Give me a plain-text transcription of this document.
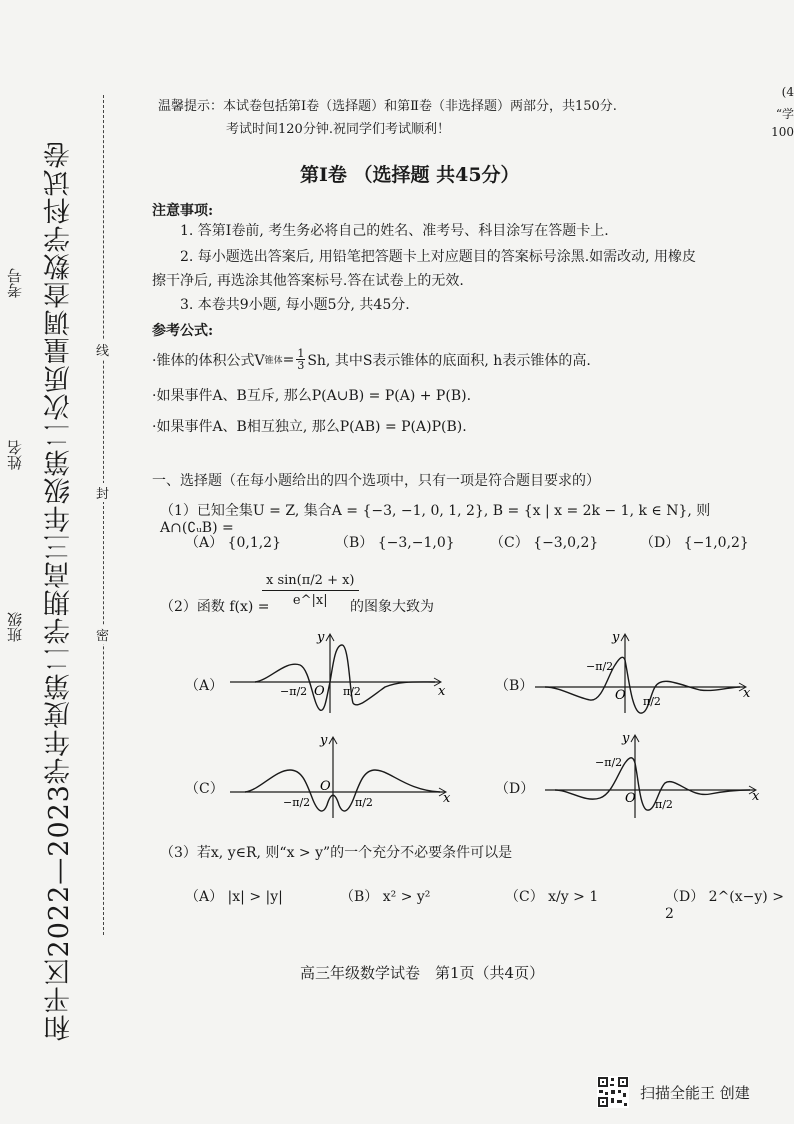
和平区2022—2023学年度第二学期高三年级第二次质量调查数学科试卷
考号
姓名
班级
线
封
密
(4
“学
100
温馨提示：本试卷包括第Ⅰ卷（选择题）和第Ⅱ卷（非选择题）两部分，共150分.
考试时间120分钟.祝同学们考试顺利！
第Ⅰ卷 （选择题 共45分）
注意事项:
1. 答第Ⅰ卷前, 考生务必将自己的姓名、准考号、科目涂写在答题卡上.
2. 每小题选出答案后, 用铅笔把答题卡上对应题目的答案标号涂黑.如需改动, 用橡皮
擦干净后, 再选涂其他答案标号.答在试卷上的无效.
3. 本卷共9小题, 每小题5分, 共45分.
参考公式:
·锥体的体积公式V 锥体 = $\frac{1}{3} Sh$, 其中S表示锥体的底面积, h表示锥体的高.
·如果事件A、B互斥, 那么P(A∪B) = P(A) + P(B).
·如果事件A、B相互独立, 那么P(AB) = P(A)P(B).
一、选择题（在每小题给出的四个选项中，只有一项是符合题目要求的）
（1）已知全集U = Z, 集合A = {−3, −1, 0, 1, 2}, B = {x | x = 2k − 1, k ∈ N}, 则A∩(∁ᵤB) =
（A） {0,1,2}	（B） {−3,−1,0}	（C） {−3,0,2}	（D） {−1,0,2}
（2）函数 f(x) =
$\frac{\text{x sin(π/2 + x)}}{e\^{}|x|}$
的图象大致为
（A）	（B）
（C）	（D）
x
y
O
−π/2	π/2	x
y
O
−π/2
π/2
x
y
O
−π/2	π/2	x
y
O
−π/2
π/2
（3）若x, y∈R, 则“x > y”的一个充分不必要条件可以是
（A） |x| > |y|	（B） x² > y²	（C） x/y > 1	（D） 2^(x−y) > 2
高三年级数学试卷　第1页（共4页）
扫描全能王 创建
